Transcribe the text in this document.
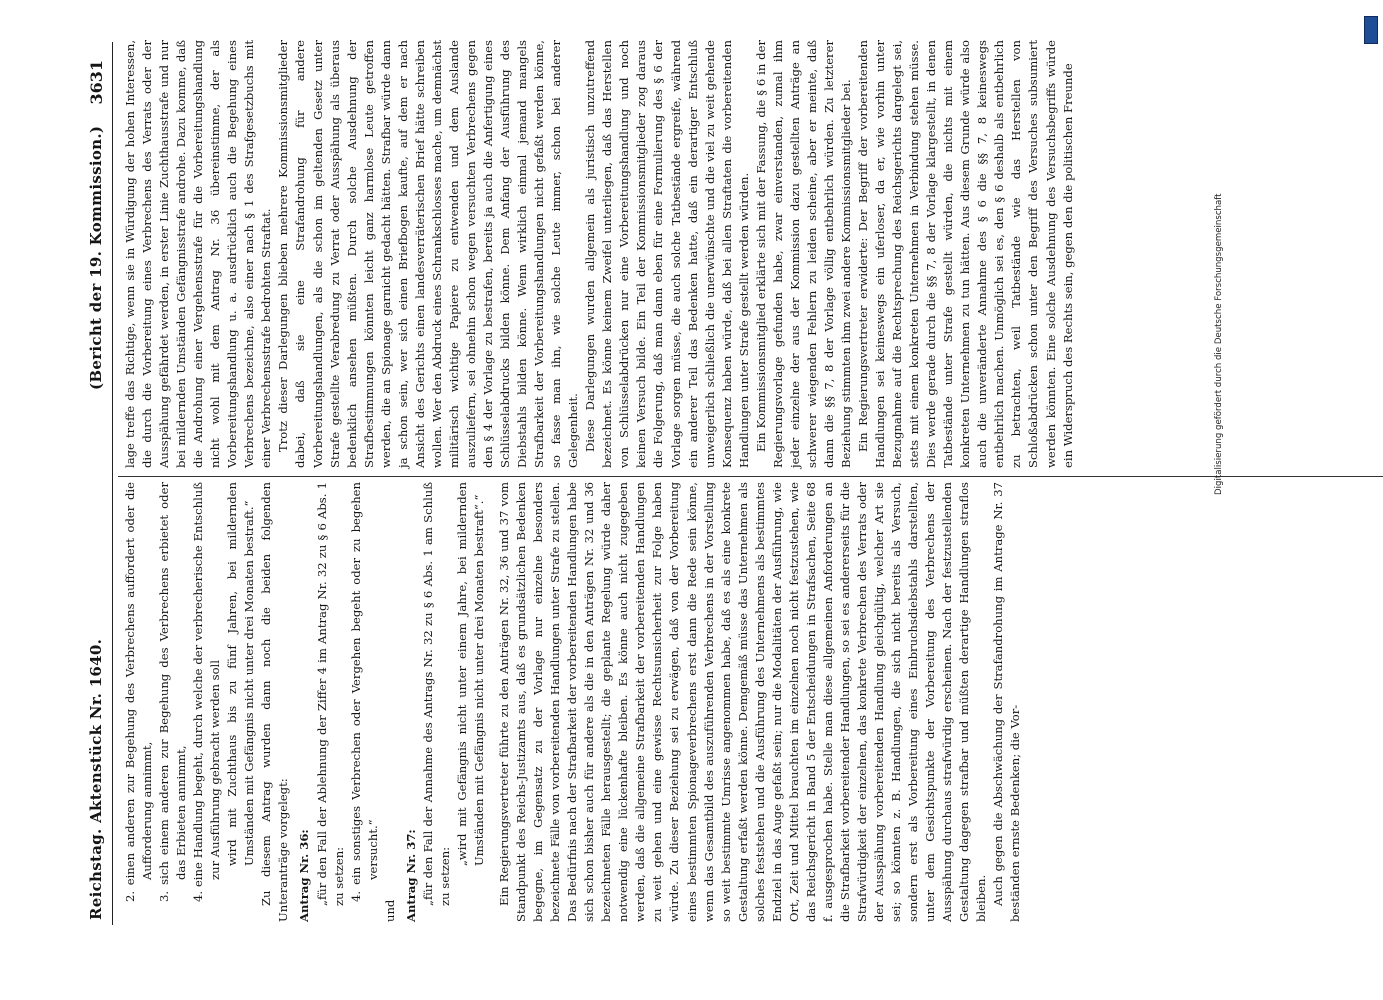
Reichstag. Aktenstück Nr. 1640.
(Bericht der 19. Kommission.)
3631

2. einen anderen zur Begehung des Verbrechens auffordert oder die Aufforderung annimmt, 3. sich einem anderen zur Begehung des Verbrechens erbietet oder das Erbieten annimmt, 4. eine Handlung begeht, durch welche der verbrecherische Entschluß zur Ausführung gebracht werden soll wird mit Zuchthaus bis zu fünf Jahren, bei mildernden Umständen mit Gefängnis nicht unter drei Monaten bestraft.“ Zu diesem Antrag wurden dann noch die beiden folgenden Unteranträge vorgelegt: Antrag Nr. 36: „für den Fall der Ablehnung der Ziffer 4 im Antrag Nr. 32 zu § 6 Abs. 1 zu setzen: 4. ein sonstiges Verbrechen oder Vergehen begeht oder zu begehen versucht.“

und Antrag Nr. 37: „für den Fall der Annahme des Antrags Nr. 32 zu § 6 Abs. 1 am Schluß zu setzen:

„wird mit Gefängnis nicht unter einem Jahre, bei mildernden Umständen mit Gefängnis nicht unter drei Monaten bestraft“.“ Ein Regierungsvertreter führte zu den Anträgen Nr. 32, 36 und 37 vom Standpunkt des Reichs-Justizamts aus, daß es grundsätzlichen Bedenken begegne, im Gegensatz zu der Vorlage nur einzelne besonders bezeichnete Fälle von vorbereitenden Handlungen unter Strafe zu stellen. Das Bedürfnis nach der Strafbarkeit der vorbereitenden Handlungen habe sich schon bisher auch für andere als die in den Anträgen Nr. 32 und 36 bezeichneten Fälle herausgestellt; die geplante Regelung würde daher notwendig eine lückenhafte bleiben. Es könne auch nicht zugegeben werden, daß die allgemeine Strafbarkeit der vorbereitenden Handlungen zu weit gehen und eine gewisse Rechtsunsicherheit zur Folge haben würde. Zu dieser Beziehung sei zu erwägen, daß von der Vorbereitung eines bestimmten Spionageverbrechens erst dann die Rede sein könne, wenn das Gesamtbild des auszuführenden Verbrechens in der Vorstellung so weit bestimmte Umrisse angenommen habe, daß es als eine konkrete Gestaltung erfaßt werden könne. Demgemäß müsse das Unternehmen als solches feststehen und die Ausführung des Unternehmens als bestimmtes Endziel in das Auge gefaßt sein; nur die Modalitäten der Ausführung, wie Ort, Zeit und Mittel brauchten im einzelnen noch nicht festzustehen, wie das Reichsgericht in Band 5 der Entscheidungen in Strafsachen, Seite 68 f. ausgesprochen habe. Stelle man diese allgemeinen Anforderungen an die Strafbarkeit vorbereitender Handlungen, so sei es andererseits für die Strafwürdigkeit der einzelnen, das konkrete Verbrechen des Verrats oder der Ausspähung vorbereitenden Handlung gleichgültig, welcher Art sie sei; so könnten z. B. Handlungen, die sich nicht bereits als Versuch, sondern erst als Vorbereitung eines Einbruchsdiebstahls darstellten, unter dem Gesichtspunkte der Vorbereitung des Verbrechens der Ausspähung durchaus strafwürdig erscheinen. Nach der festzustellenden Gestaltung dagegen strafbar und müßten derartige Handlungen straflos bleiben. Auch gegen die Abschwächung der Strafandrohung im Antrage Nr. 37 beständen ernste Bedenken; die Vor-

lage treffe das Richtige, wenn sie in Würdigung der hohen Interessen, die durch die Vorbereitung eines Verbrechens des Verrats oder der Ausspähung gefährdet werden, in erster Linie Zuchthausstrafe und nur bei mildernden Umständen Gefängnisstrafe androhe. Dazu komme, daß die Androhung einer Vergehensstrafe für die Vorbereitungshandlung nicht wohl mit dem Antrag Nr. 36 übereinstimme, der als Vorbereitungshandlung u. a. ausdrücklich auch die Begehung eines Verbrechens bezeichne, also einer nach § 1 des Strafgesetzbuchs mit einer Verbrechensstrafe bedrohten Straftat. Trotz dieser Darlegungen blieben mehrere Kommissionsmitglieder dabei, daß sie eine Strafandrohung für andere Vorbereitungshandlungen, als die schon im geltenden Gesetz unter Strafe gestellte Verabredung zu Verrat oder Ausspähung als überaus bedenklich ansehen müßten. Durch solche Ausdehnung der Strafbestimmungen könnten leicht ganz harmlose Leute getroffen werden, die an Spionage garnicht gedacht hätten. Strafbar würde dann ja schon sein, wer sich einen Briefbogen kaufte, auf dem er nach Ansicht des Gerichts einen landesverräterischen Brief hätte schreiben wollen. Wer den Abdruck eines Schrankschlosses mache, um demnächst militärisch wichtige Papiere zu entwenden und dem Auslande auszuliefern, sei ohnehin schon wegen versuchten Verbrechens gegen den § 4 der Vorlage zu bestrafen, bereits ja auch die Anfertigung eines Schlüsselabdrucks bilden könne. Dem Anfang der Ausführung des Diebstahls bilden könne. Wenn wirklich einmal jemand mangels Strafbarkeit der Vorbereitungshandlungen nicht gefaßt werden könne, so fasse man ihn, wie solche Leute immer, schon bei anderer Gelegenheit. Diese Darlegungen wurden allgemein als juristisch unzutreffend bezeichnet. Es könne keinem Zweifel unterliegen, daß das Herstellen von Schlüsselabdrücken nur eine Vorbereitungshandlung und noch keinen Versuch bilde. Ein Teil der Kommissionsmitglieder zog daraus die Folgerung, daß man dann eben für eine Formulierung des § 6 der Vorlage sorgen müsse, die auch solche Tatbestände ergreife, während ein anderer Teil das Bedenken hatte, daß ein derartiger Entschluß unweigerlich schließlich die unerwünschte und die viel zu weit gehende Konsequenz haben würde, daß bei allen Straftaten die vorbereitenden Handlungen unter Strafe gestellt werden würden. Ein Kommissionsmitglied erklärte sich mit der Fassung, die § 6 in der Regierungsvorlage gefunden habe, zwar einverstanden, zumal ihm jeder einzelne der aus der Kommission dazu gestellten Anträge an schwerer wiegenden Fehlern zu leiden scheine, aber er meinte, daß dann die §§ 7, 8 der Vorlage völlig entbehrlich würden. Zu letzterer Beziehung stimmten ihm zwei andere Kommissionsmitglieder bei. Ein Regierungsvertreter erwiderte: Der Begriff der vorbereitenden Handlungen sei keineswegs ein uferloser, da er, wie vorhin unter Bezugnahme auf die Rechtsprechung des Reichsgerichts dargelegt sei, stets mit einem konkreten Unternehmen in Verbindung stehen müsse. Dies werde gerade durch die §§ 7, 8 der Vorlage klargestellt, in denen Tatbestände unter Strafe gestellt würden, die nichts mit einem konkreten Unternehmen zu tun hätten. Aus diesem Grunde würde also auch die unveränderte Annahme des § 6 die §§ 7, 8 keineswegs entbehrlich machen. Unmöglich sei es, den § 6 deshalb als entbehrlich zu betrachten, weil Tatbestände wie das Herstellen von Schloßabdrücken schon unter den Begriff des Versuches subsumiert werden könnten. Eine solche Ausdehnung des Versuchsbegriffs würde ein Widerspruch des Rechts sein, gegen den die politischen Freunde	Digitalisierung gefördert durch die Deutsche Forschungsgemeinschaft
